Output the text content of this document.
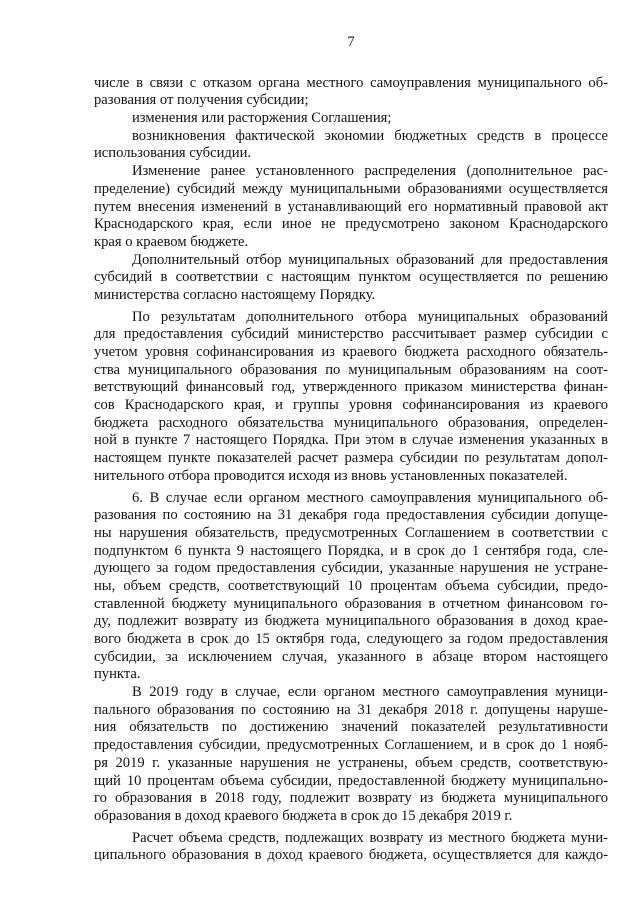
7
числе в связи с отказом органа местного самоуправления муниципального об-
разования от получения субсидии;
изменения или расторжения Соглашения;
возникновения фактической экономии бюджетных средств в процессе
использования субсидии.
Изменение ранее установленного распределения (дополнительное рас-
пределение) субсидий между муниципальными образованиями осуществляется
путем внесения изменений в устанавливающий его нормативный правовой акт
Краснодарского края, если иное не предусмотрено законом Краснодарского
края о краевом бюджете.
Дополнительный отбор муниципальных образований для предоставления
субсидий в соответствии с настоящим пунктом осуществляется по решению
министерства согласно настоящему Порядку.
По результатам дополнительного отбора муниципальных образований
для предоставления субсидий министерство рассчитывает размер субсидии с
учетом уровня софинансирования из краевого бюджета расходного обязатель-
ства муниципального образования по муниципальным образованиям на соот-
ветствующий финансовый год, утвержденного приказом министерства финан-
сов Краснодарского края, и группы уровня софинансирования из краевого
бюджета расходного обязательства муниципального образования, определен-
ной в пункте 7 настоящего Порядка. При этом в случае изменения указанных в
настоящем пункте показателей расчет размера субсидии по результатам допол-
нительного отбора проводится исходя из вновь установленных показателей.
6. В случае если органом местного самоуправления муниципального об-
разования по состоянию на 31 декабря года предоставления субсидии допуще-
ны нарушения обязательств, предусмотренных Соглашением в соответствии с
подпунктом 6 пункта 9 настоящего Порядка, и в срок до 1 сентября года, сле-
дующего за годом предоставления субсидии, указанные нарушения не устране-
ны, объем средств, соответствующий 10 процентам объема субсидии, предо-
ставленной бюджету муниципального образования в отчетном финансовом го-
ду, подлежит возврату из бюджета муниципального образования в доход крае-
вого бюджета в срок до 15 октября года, следующего за годом предоставления
субсидии, за исключением случая, указанного в абзаце втором настоящего
пункта.
В 2019 году в случае, если органом местного самоуправления муници-
пального образования по состоянию на 31 декабря 2018 г. допущены наруше-
ния обязательств по достижению значений показателей результативности
предоставления субсидии, предусмотренных Соглашением, и в срок до 1 нояб-
ря 2019 г. указанные нарушения не устранены, объем средств, соответствую-
щий 10 процентам объема субсидии, предоставленной бюджету муниципально-
го образования в 2018 году, подлежит возврату из бюджета муниципального
образования в доход краевого бюджета в срок до 15 декабря 2019 г.
Расчет объема средств, подлежащих возврату из местного бюджета муни-
ципального образования в доход краевого бюджета, осуществляется для каждо-
